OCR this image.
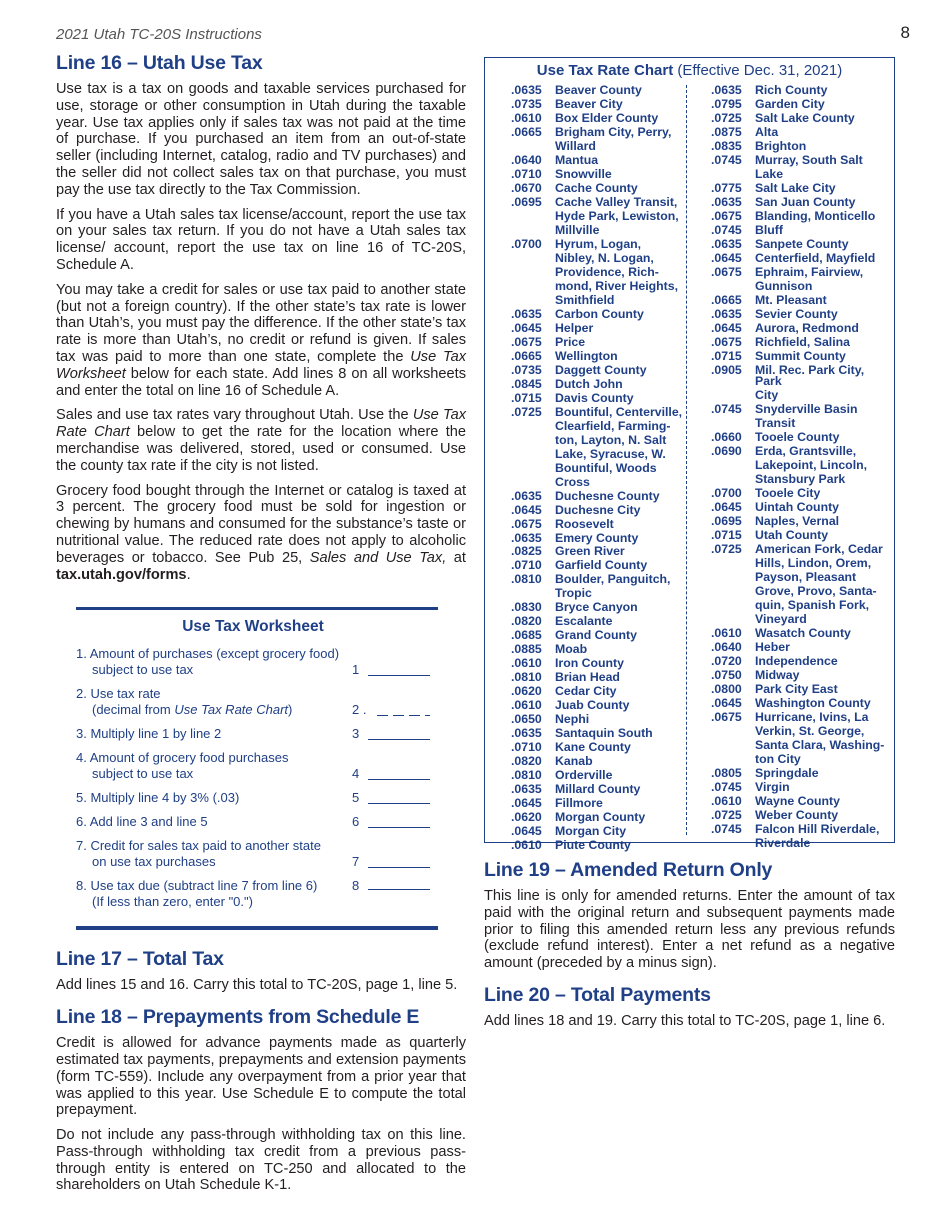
2021 Utah TC-20S Instructions	8
Line 16 – Utah Use Tax

Use tax is a tax on goods and taxable services purchased for use, storage or other consumption in Utah during the taxable year. Use tax applies only if sales tax was not paid at the time of purchase. If you purchased an item from an out-of-state seller (including Internet, catalog, radio and TV purchases) and the seller did not collect sales tax on that purchase, you must pay the use tax directly to the Tax Commission.

If you have a Utah sales tax license/account, report the use tax on your sales tax return. If you do not have a Utah sales tax license/ account, report the use tax on line 16 of TC-20S, Schedule A.

You may take a credit for sales or use tax paid to another state (but not a foreign country). If the other state’s tax rate is lower than Utah’s, you must pay the difference. If the other state’s tax rate is more than Utah’s, no credit or refund is given. If sales tax was paid to more than one state, complete the Use Tax Worksheet below for each state. Add lines 8 on all worksheets and enter the total on line 16 of Schedule A.

Sales and use tax rates vary throughout Utah. Use the Use Tax Rate Chart below to get the rate for the location where the merchandise was delivered, stored, used or consumed. Use the county tax rate if the city is not listed.

Grocery food bought through the Internet or catalog is taxed at 3 percent. The grocery food must be sold for ingestion or chewing by humans and consumed for the substance’s taste or nutritional value. The reduced rate does not apply to alcoholic beverages or tobacco. See Pub 25, Sales and Use Tax, at tax.utah.gov/forms.

Use Tax Worksheet
1. Amount of purchases (except grocery food)
subject to use tax	1
2. Use tax rate
(decimal from Use Tax Rate Chart)	2 .
3. Multiply line 1 by line 2	3
4. Amount of grocery food purchases
subject to use tax	4
5. Multiply line 4 by 3% (.03)	5
6. Add line 3 and line 5	6
7. Credit for sales tax paid to another state
on use tax purchases	7
8. Use tax due (subtract line 7 from line 6)
(If less than zero, enter "0.")
8
Line 17 – Total Tax

Add lines 15 and 16. Carry this total to TC-20S, page 1, line 5.

Line 18 – Prepayments from Schedule E

Credit is allowed for advance payments made as quarterly estimated tax payments, prepayments and extension payments (form TC-559). Include any overpayment from a prior year that was applied to this year. Use Schedule E to compute the total prepayment.

Do not include any pass-through withholding tax on this line. Pass-through withholding tax credit from a previous pass-through entity is entered on TC-250 and allocated to the shareholders on Utah Schedule K-1.

Use Tax Rate Chart (Effective Dec. 31, 2021)
.0635	Beaver County
.0735	Beaver City
.0610	Box Elder County
.0665	Brigham City, Perry,
Willard
.0640	Mantua
.0710	Snowville
.0670	Cache County
.0695	Cache Valley Transit,
Hyde Park, Lewiston,
Millville
.0700	Hyrum, Logan,
Nibley, N. Logan,
Providence, Rich-
mond, River Heights,
Smithfield
.0635	Carbon County
.0645	Helper
.0675	Price
.0665	Wellington
.0735	Daggett County
.0845	Dutch John
.0715	Davis County
.0725	Bountiful, Centerville,
Clearfield, Farming-
ton, Layton, N. Salt
Lake, Syracuse, W.
Bountiful, Woods
Cross
.0635	Duchesne County
.0645	Duchesne City
.0675	Roosevelt
.0635	Emery County
.0825	Green River
.0710	Garfield County
.0810	Boulder, Panguitch,
Tropic
.0830	Bryce Canyon
.0820	Escalante
.0685	Grand County
.0885	Moab
.0610	Iron County
.0810	Brian Head
.0620	Cedar City
.0610	Juab County
.0650	Nephi
.0635	Santaquin South
.0710	Kane County
.0820	Kanab
.0810	Orderville
.0635	Millard County
.0645	Fillmore
.0620	Morgan County
.0645	Morgan City
.0610	Piute County
.0635	Rich County
.0795	Garden City
.0725	Salt Lake County
.0875	Alta
.0835	Brighton
.0745	Murray, South Salt
Lake
.0775	Salt Lake City
.0635	San Juan County
.0675	Blanding, Monticello
.0745	Bluff
.0635	Sanpete County
.0645	Centerfield, Mayfield
.0675	Ephraim, Fairview,
Gunnison
.0665	Mt. Pleasant
.0635	Sevier County
.0645	Aurora, Redmond
.0675	Richfield, Salina
.0715	Summit County
.0905	Mil. Rec. Park City, Park
City
.0745	Snyderville Basin
Transit
.0660	Tooele County
.0690	Erda, Grantsville,
Lakepoint, Lincoln,
Stansbury Park
.0700	Tooele City
.0645	Uintah County
.0695	Naples, Vernal
.0715	Utah County
.0725	American Fork, Cedar
Hills, Lindon, Orem,
Payson, Pleasant
Grove, Provo, Santa-
quin, Spanish Fork,
Vineyard
.0610	Wasatch County
.0640	Heber
.0720	Independence
.0750	Midway
.0800	Park City East
.0645	Washington County
.0675	Hurricane, Ivins, La
Verkin, St. George,
Santa Clara, Washing-
ton City
.0805	Springdale
.0745	Virgin
.0610	Wayne County
.0725	Weber County
.0745	Falcon Hill Riverdale,
Riverdale
Line 19 – Amended Return Only

This line is only for amended returns. Enter the amount of tax paid with the original return and subsequent payments made prior to filing this amended return less any previous refunds (exclude refund interest). Enter a net refund as a negative amount (preceded by a minus sign).

Line 20 – Total Payments

Add lines 18 and 19. Carry this total to TC-20S, page 1, line 6.
